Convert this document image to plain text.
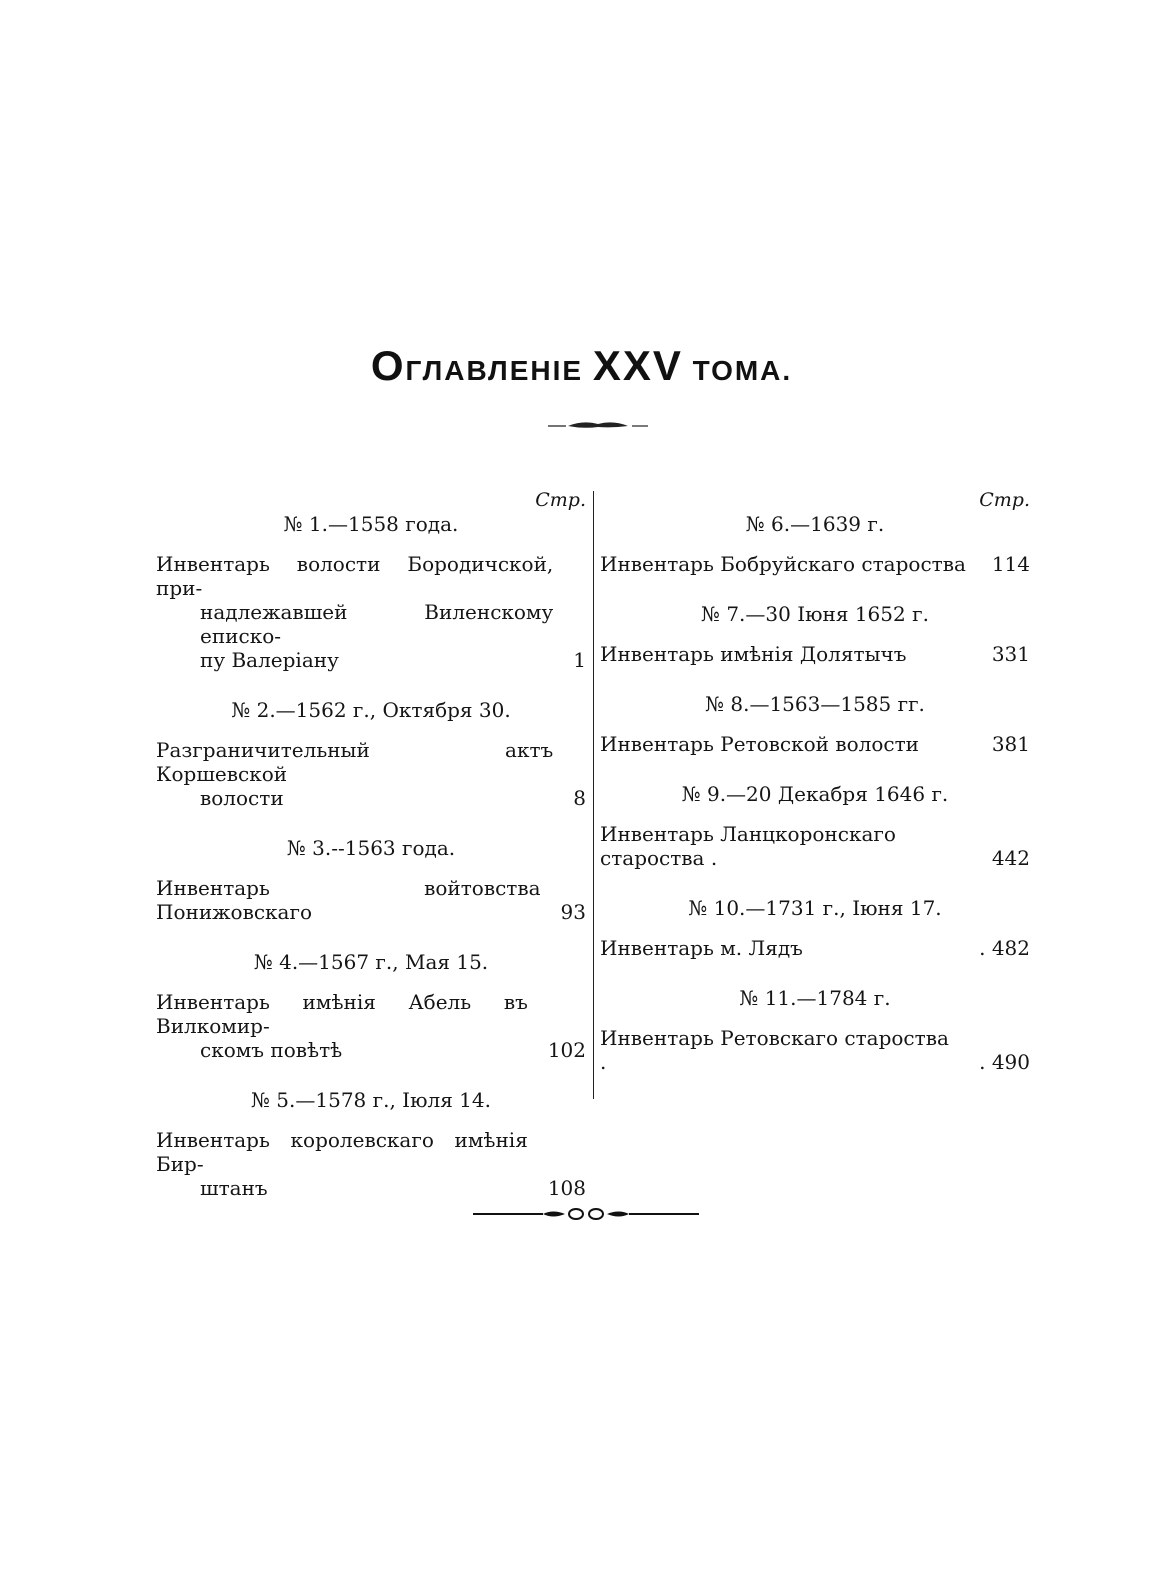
ОГЛАВЛЕНІЕ XXV ТОМА.
Стр.
№ 1.—1558 года.
Инвентарь волости Бородичской, при-
надлежавшей Виленскому еписко-
пу Валеріану	1
№ 2.—1562 г., Октября 30.
Разграничительный актъ Коршевской
волости	8
№ 3.--1563 года.
Инвентарь войтовства Понижовскаго	93
№ 4.—1567 г., Мая 15.
Инвентарь имѣнія Абель въ Вилкомир-
скомъ повѣтѣ	102
№ 5.—1578 г., Іюля 14.
Инвентарь королевскаго имѣнія Бир-
штанъ	108
Стр.
№ 6.—1639 г.
Инвентарь Бобруйскаго староства 114
№ 7.—30 Іюня 1652 г.
Инвентарь имѣнія Долятычъ	331
№ 8.—1563—1585 гг.
Инвентарь Ретовской волости	381
№ 9.—20 Декабря 1646 г.
Инвентарь Ланцкоронскаго староства .	442
№ 10.—1731 г., Іюня 17.
Инвентарь м. Лядъ	. 482
№ 11.—1784 г.
Инвентарь Ретовскаго староства .	. 490
